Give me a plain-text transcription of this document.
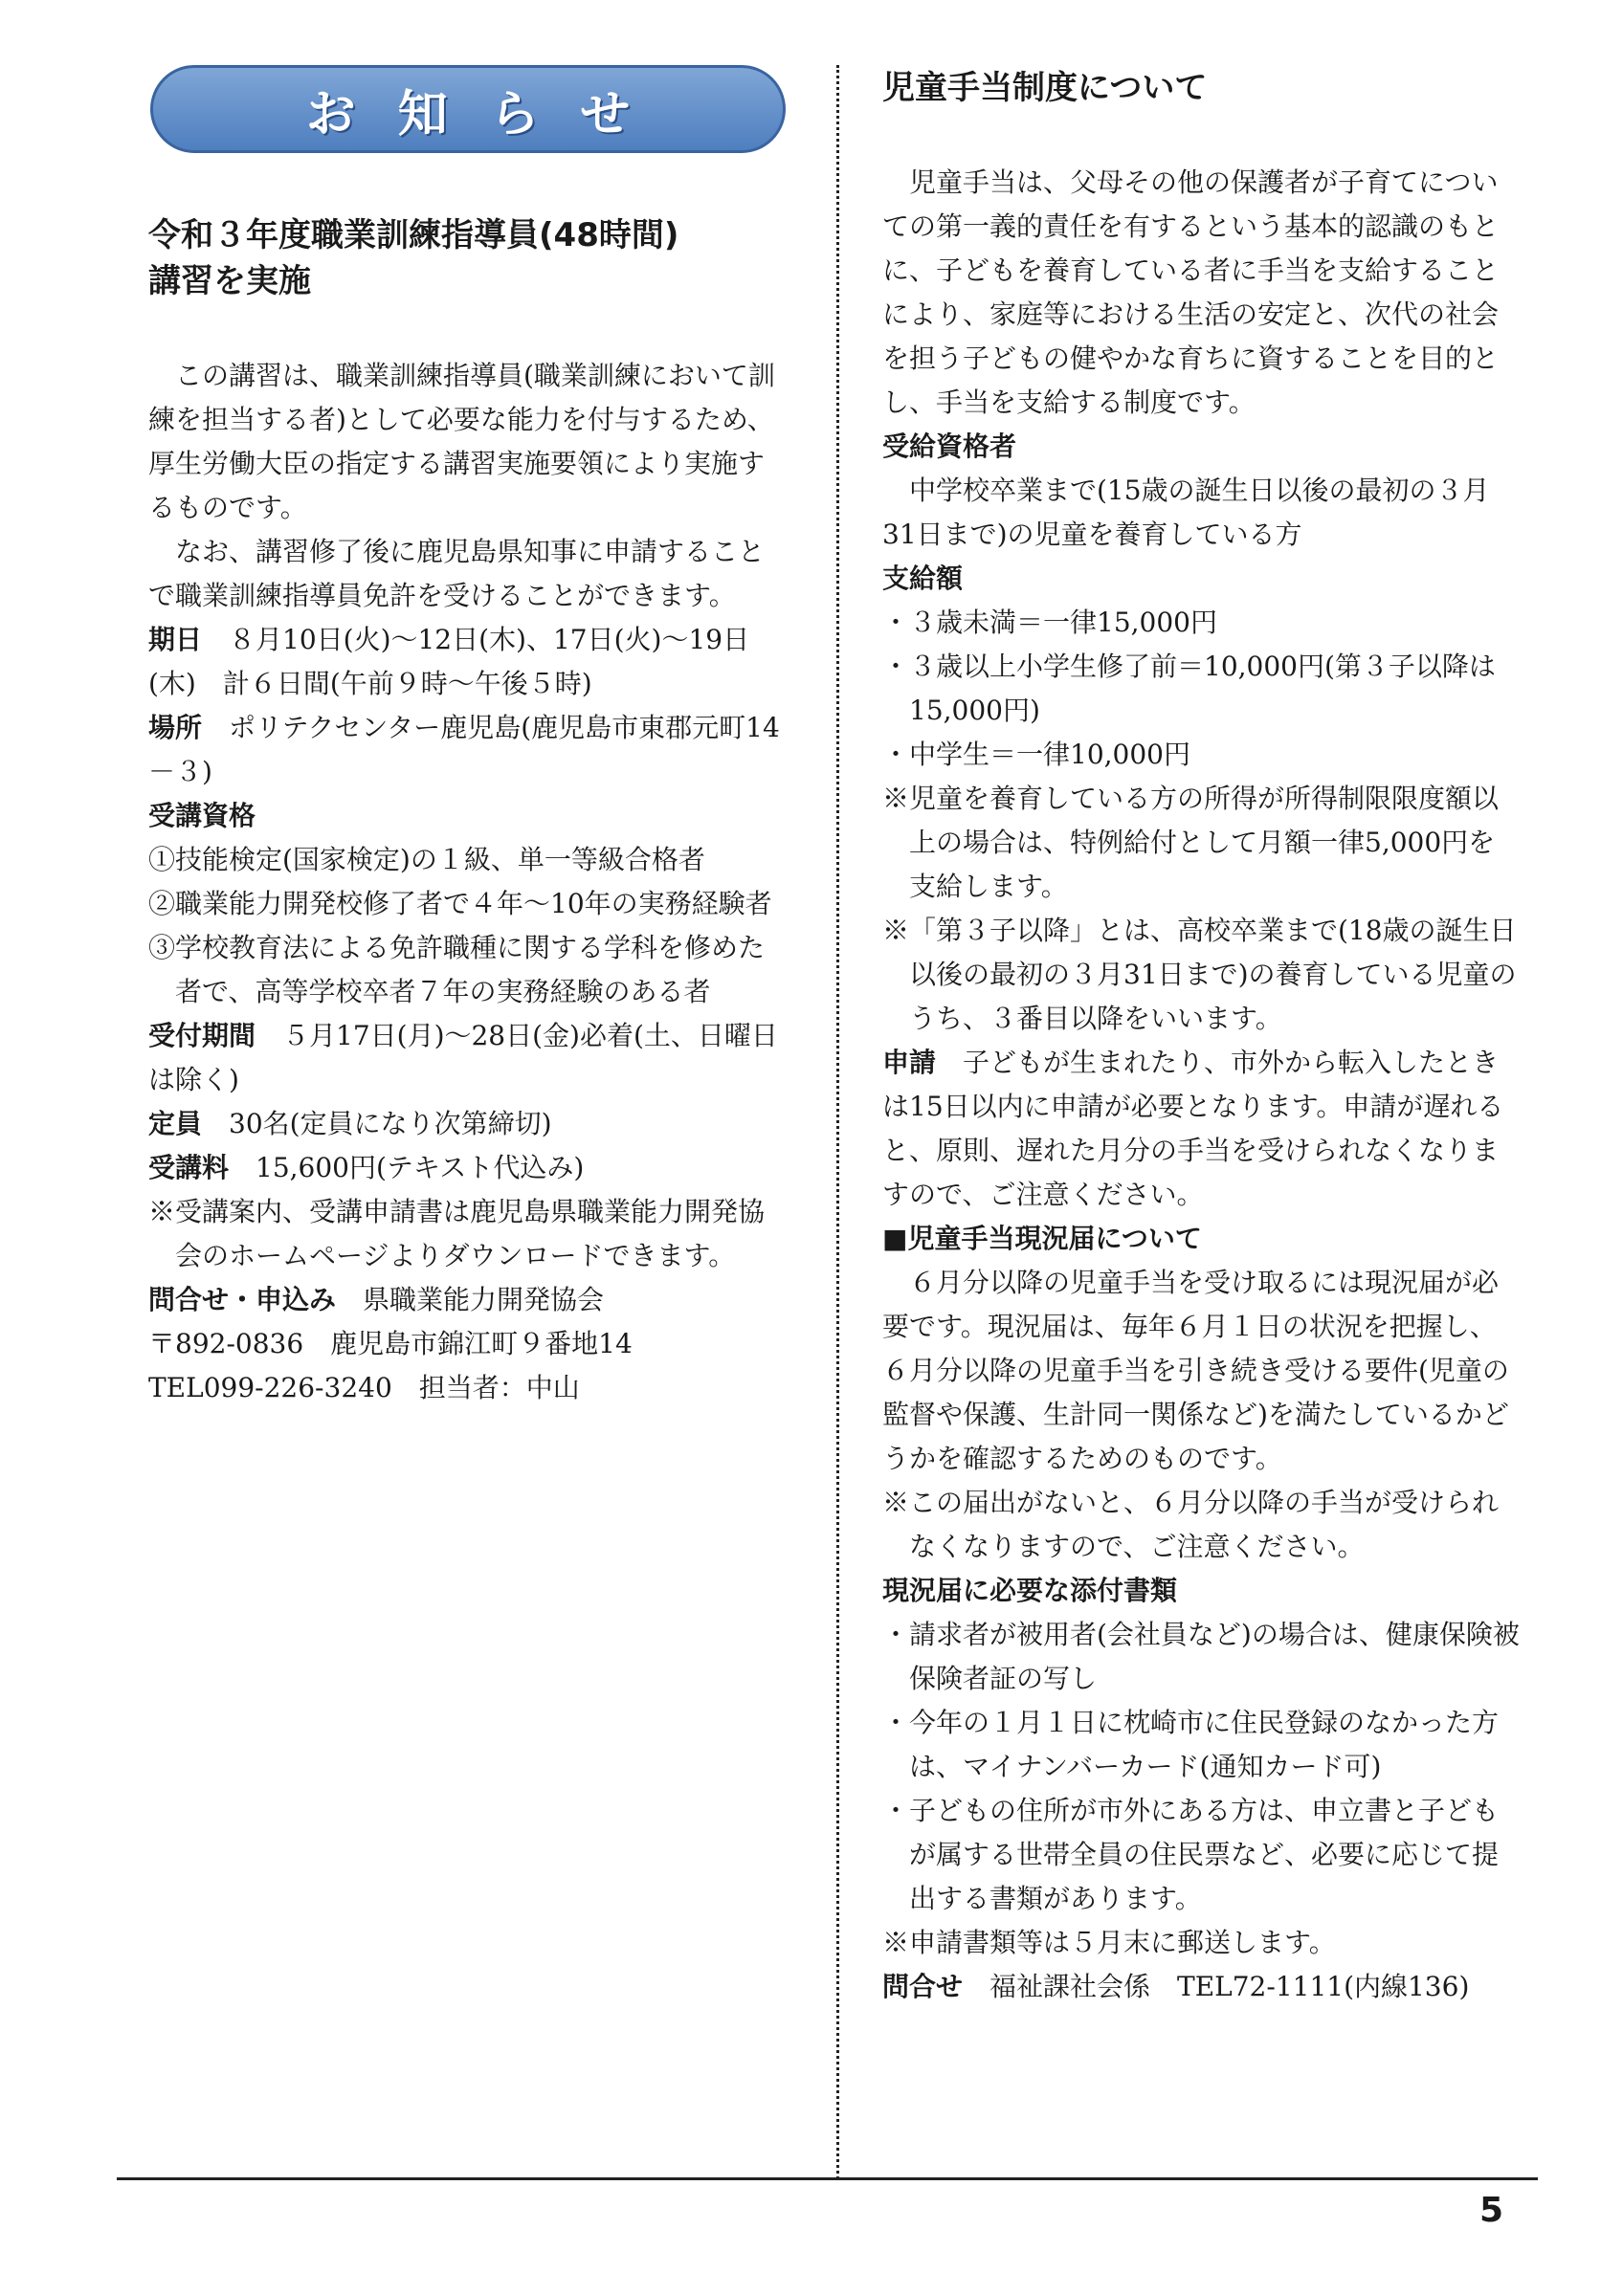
お知らせ
令和３年度職業訓練指導員(48時間)
講習を実施

この講習は、職業訓練指導員(職業訓練において訓練を担当する者)として必要な能力を付与するため、厚生労働大臣の指定する講習実施要領により実施するものです。

なお、講習修了後に鹿児島県知事に申請することで職業訓練指導員免許を受けることができます。

期日 ８月10日(火)～12日(木)、17日(火)～19日(木)　計６日間(午前９時～午後５時)

場所 ポリテクセンター鹿児島(鹿児島市東郡元町14－３)

受講資格

①技能検定(国家検定)の１級、単一等級合格者

②職業能力開発校修了者で４年～10年の実務経験者

③学校教育法による免許職種に関する学科を修めた者で、高等学校卒者７年の実務経験のある者

受付期間 ５月17日(月)～28日(金)必着(土、日曜日は除く)

定員 30名(定員になり次第締切)

受講料 15,600円(テキスト代込み)

※受講案内、受講申請書は鹿児島県職業能力開発協会のホームページよりダウンロードできます。

問合せ・申込み 県職業能力開発協会

〒892-0836　鹿児島市錦江町９番地14

TEL099-226-3240　担当者：中山

児童手当制度について

児童手当は、父母その他の保護者が子育てについての第一義的責任を有するという基本的認識のもとに、子どもを養育している者に手当を支給することにより、家庭等における生活の安定と、次代の社会を担う子どもの健やかな育ちに資することを目的とし、手当を支給する制度です。

受給資格者

中学校卒業まで(15歳の誕生日以後の最初の３月31日まで)の児童を養育している方

支給額

・３歳未満＝一律15,000円

・３歳以上小学生修了前＝10,000円(第３子以降は15,000円)

・中学生＝一律10,000円

※児童を養育している方の所得が所得制限限度額以上の場合は、特例給付として月額一律5,000円を支給します。

※「第３子以降」とは、高校卒業まで(18歳の誕生日以後の最初の３月31日まで)の養育している児童のうち、３番目以降をいいます。

申請 子どもが生まれたり、市外から転入したときは15日以内に申請が必要となります。申請が遅れると、原則、遅れた月分の手当を受けられなくなりますので、ご注意ください。

■児童手当現況届について

６月分以降の児童手当を受け取るには現況届が必要です。現況届は、毎年６月１日の状況を把握し、６月分以降の児童手当を引き続き受ける要件(児童の監督や保護、生計同一関係など)を満たしているかどうかを確認するためのものです。

※この届出がないと、６月分以降の手当が受けられなくなりますので、ご注意ください。

現況届に必要な添付書類

・請求者が被用者(会社員など)の場合は、健康保険被保険者証の写し

・今年の１月１日に枕崎市に住民登録のなかった方は、マイナンバーカード(通知カード可)

・子どもの住所が市外にある方は、申立書と子どもが属する世帯全員の住民票など、必要に応じて提出する書類があります。

※申請書類等は５月末に郵送します。

問合せ 福祉課社会係　TEL72-1111(内線136)

5
